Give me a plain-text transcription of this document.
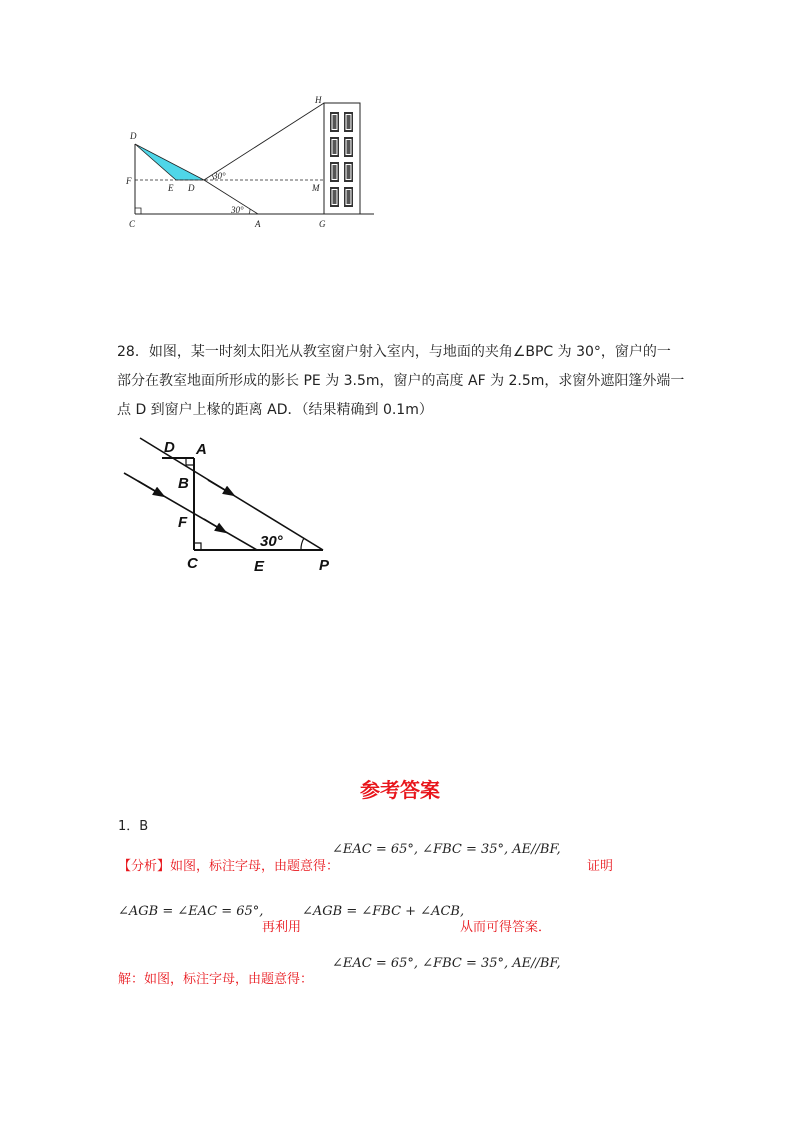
H
D
F
E D	M
C	A	G
30°
30°

28．如图，某一时刻太阳光从教室窗户射入室内，与地面的夹角∠BPC 为 30°，窗户的一

部分在教室地面所形成的影长 PE 为 3.5m，窗户的高度 AF 为 2.5m，求窗外遮阳篷外端一

点 D 到窗户上椽的距离 AD．（结果精确到 0.1m）

D A
B
F
C	E	P
30°
参考答案
1．B
【分析】如图，标注字母，由题意得：
∠EAC = 65°, ∠FBC = 35°, AE//BF,
证明
∠AGB = ∠EAC = 65°,
再利用
∠AGB = ∠FBC + ∠ACB,
从而可得答案．
解：如图，标注字母，由题意得：
∠EAC = 65°, ∠FBC = 35°, AE//BF,
